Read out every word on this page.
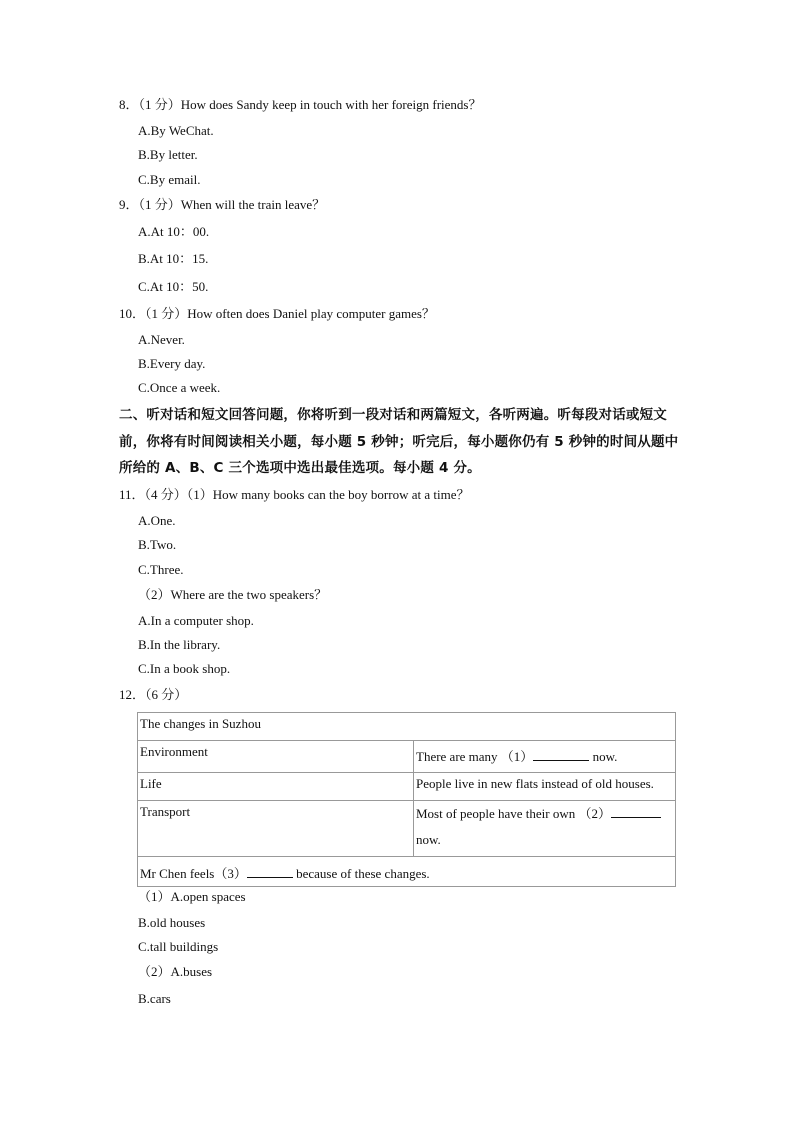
8．（1 分）How does Sandy keep in touch with her foreign friends？
A.By WeChat.
B.By letter.
C.By email.
9．（1 分）When will the train leave？
A.At 10：00.
B.At 10：15.
C.At 10：50.
10．（1 分）How often does Daniel play computer games？
A.Never.
B.Every day.
C.Once a week.
二、听对话和短文回答问题，你将听到一段对话和两篇短文，各听两遍。听每段对话或短文前，你将有时间阅读相关小题，每小题 5 秒钟；听完后，每小题你仍有 5 秒钟的时间从题中所给的 A、B、C 三个选项中选出最佳选项。每小题 4 分。
11．（4 分）（1）How many books can the boy borrow at a time？
A.One.
B.Two.
C.Three.
（2）Where are the two speakers？
A.In a computer shop.
B.In the library.
C.In a book shop.
12．（6 分）
The changes in Suzhou	
Environment	There are many （1） now.
Life	People live in new flats instead of old houses.
Transport	Most of people have their own （2）
now.
Mr Chen feels（3） because of these changes.	
（1）A.open spaces
B.old houses
C.tall buildings
（2）A.buses
B.cars
